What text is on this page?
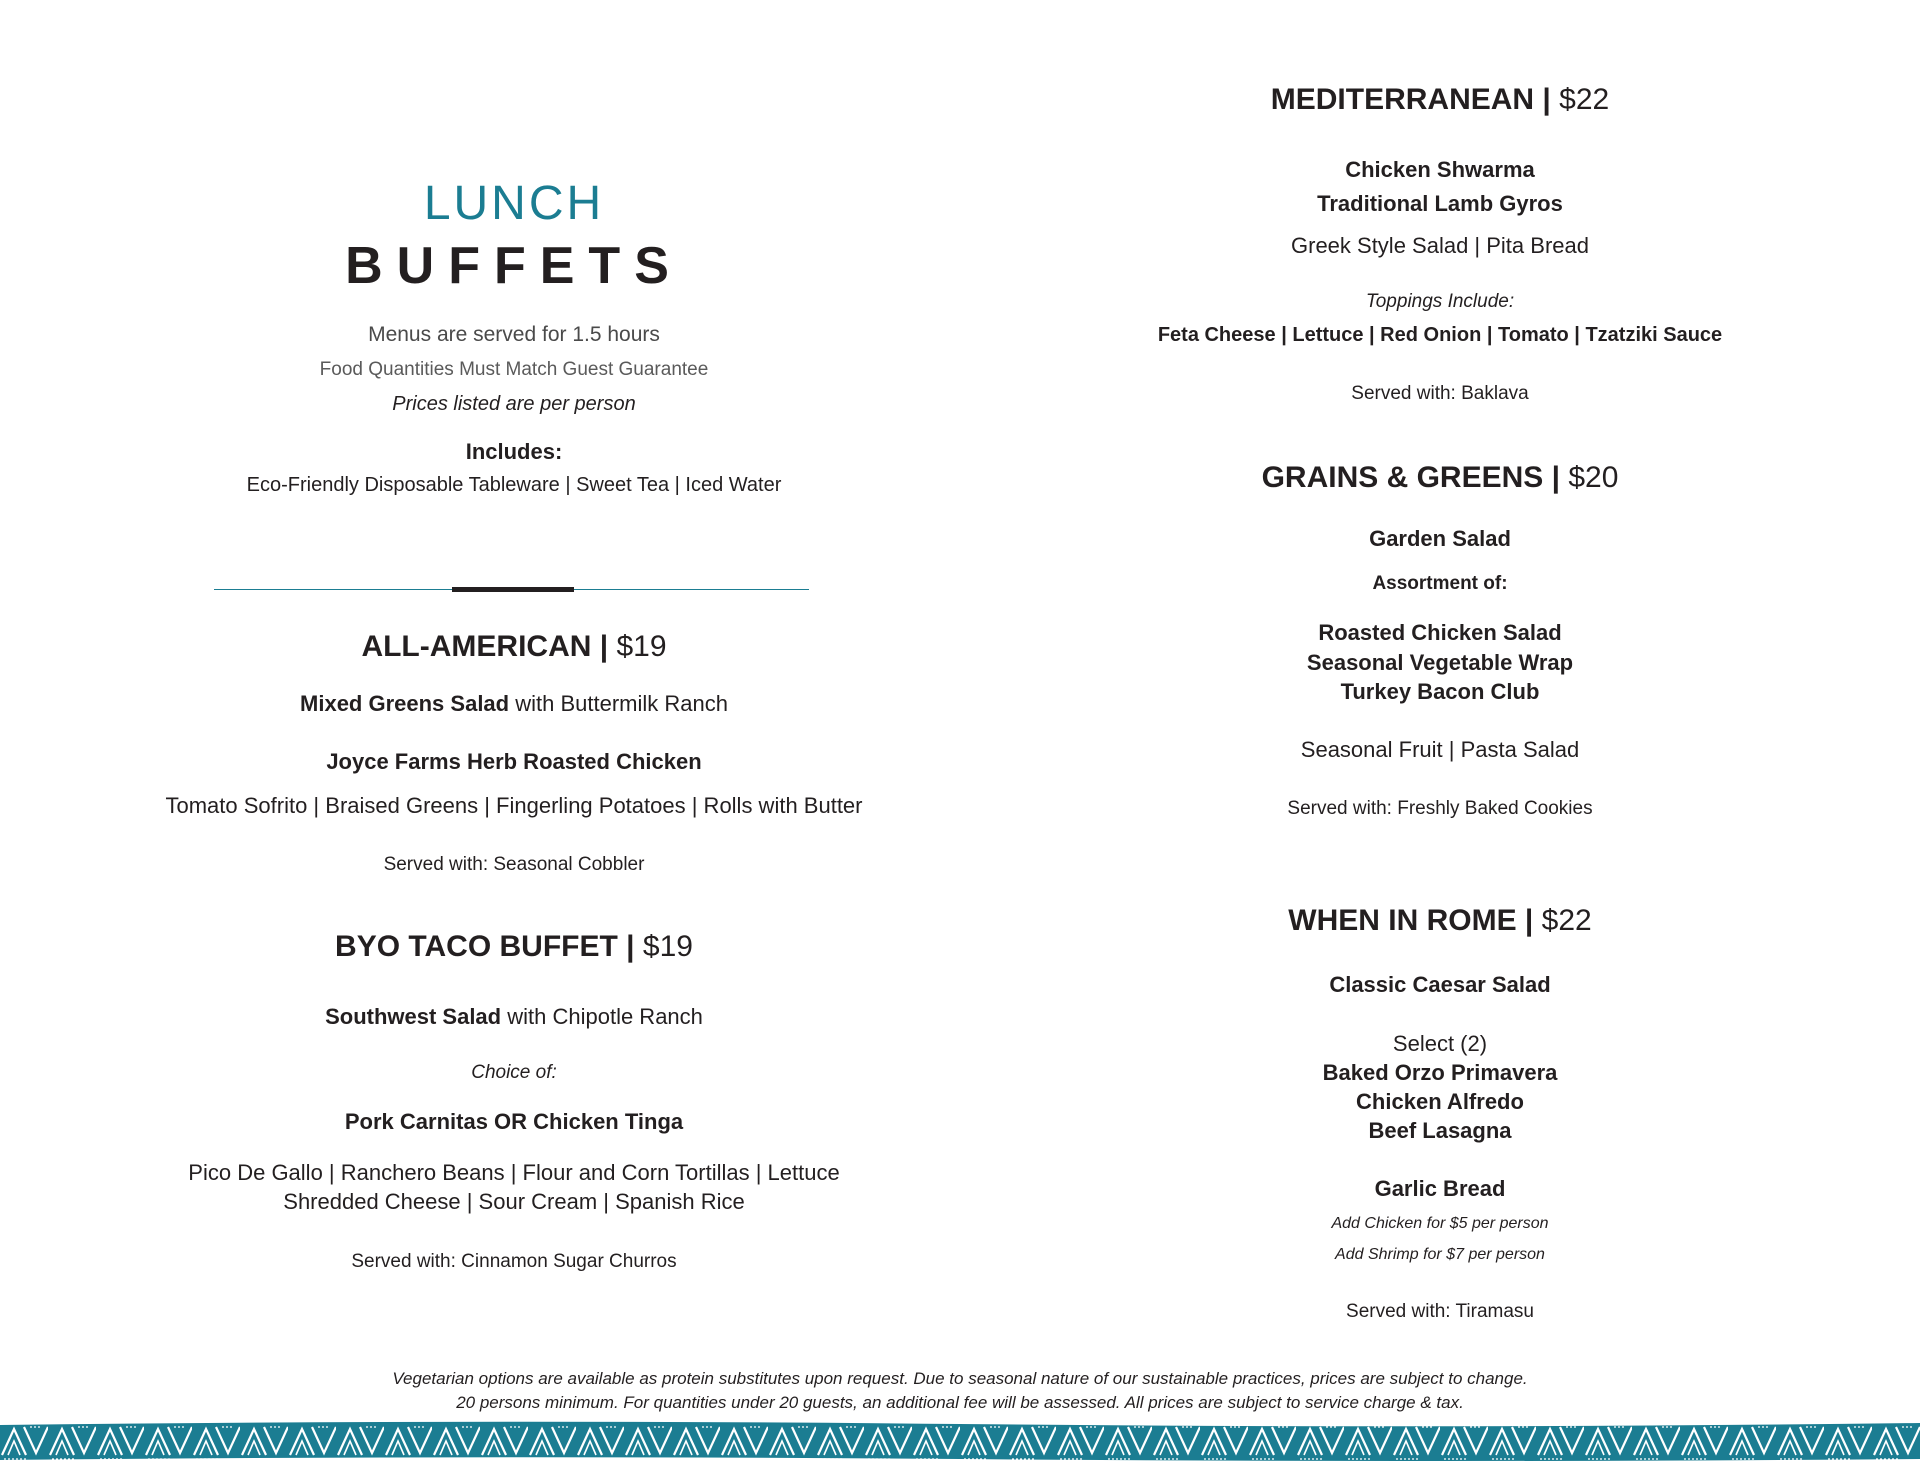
LUNCH
BUFFETS
Menus are served for 1.5 hours
Food Quantities Must Match Guest Guarantee
Prices listed are per person
Includes:
Eco-Friendly Disposable Tableware | Sweet Tea | Iced Water
ALL-AMERICAN | $19
Mixed Greens Salad with Buttermilk Ranch
Joyce Farms Herb Roasted Chicken
Tomato Sofrito | Braised Greens | Fingerling Potatoes | Rolls with Butter
Served with: Seasonal Cobbler
BYO TACO BUFFET | $19
Southwest Salad with Chipotle Ranch
Choice of:
Pork Carnitas OR Chicken Tinga
Pico De Gallo | Ranchero Beans | Flour and Corn Tortillas | Lettuce
Shredded Cheese | Sour Cream | Spanish Rice
Served with: Cinnamon Sugar Churros
MEDITERRANEAN | $22
Chicken Shwarma
Traditional Lamb Gyros
Greek Style Salad | Pita Bread
Toppings Include:
Feta Cheese | Lettuce | Red Onion | Tomato | Tzatziki Sauce
Served with: Baklava
GRAINS & GREENS | $20
Garden Salad
Assortment of:
Roasted Chicken Salad
Seasonal Vegetable Wrap
Turkey Bacon Club
Seasonal Fruit | Pasta Salad
Served with: Freshly Baked Cookies
WHEN IN ROME | $22
Classic Caesar Salad
Select (2)
Baked Orzo Primavera
Chicken Alfredo
Beef Lasagna
Garlic Bread
Add Chicken for $5 per person
Add Shrimp for $7 per person
Served with: Tiramasu
Vegetarian options are available as protein substitutes upon request. Due to seasonal nature of our sustainable practices, prices are subject to change.
20 persons minimum. For quantities under 20 guests, an additional fee will be assessed. All prices are subject to service charge & tax.
